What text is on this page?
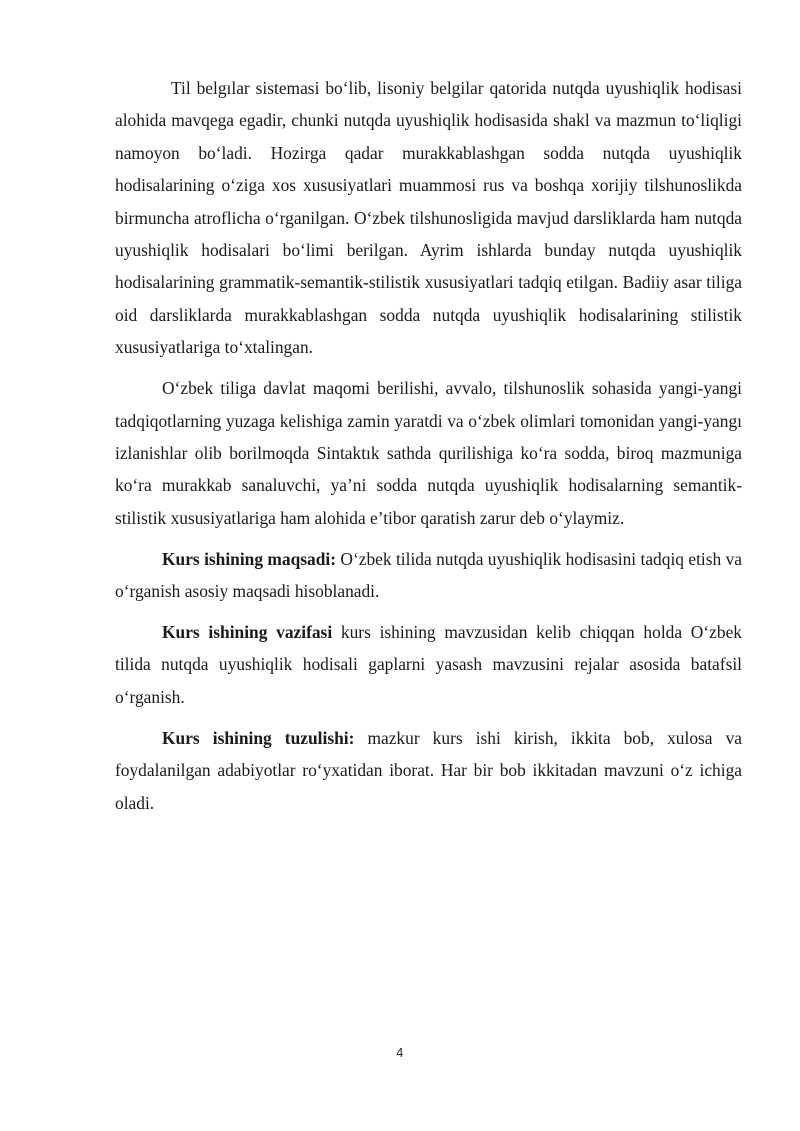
Til belgılar sistemasi bo‘lib, lisoniy belgilar qatorida nutqda uyushiqlik hodisasi alohida mavqega egadir, chunki nutqda uyushiqlik hodisasida shakl va mazmun to‘liqligi namoyon bo‘ladi. Hozirga qadar murakkablashgan sodda nutqda uyushiqlik hodisalarining o‘ziga xos xususiyatlari muammosi rus va boshqa xorijiy tilshunoslikda birmuncha atroflicha o‘rganilgan. O‘zbek tilshunosligida mavjud darsliklarda ham nutqda uyushiqlik hodisalari bo‘limi berilgan. Ayrim ishlarda bunday nutqda uyushiqlik hodisalarining grammatik-semantik-stilistik xususiyatlari tadqiq etilgan. Badiiy asar tiliga oid darsliklarda murakkablashgan sodda nutqda uyushiqlik hodisalarining stilistik xususiyatlariga to‘xtalingan.

O‘zbek tiliga davlat maqomi berilishi, avvalo, tilshunoslik sohasida yangi-yangi tadqiqotlarning yuzaga kelishiga zamin yaratdi va o‘zbek olimlari tomonidan yangi-yangı izlanishlar olib borilmoqda Sintaktık sathda qurilishiga ko‘ra sodda, biroq mazmuniga ko‘ra murakkab sanaluvchi, ya’ni sodda nutqda uyushiqlik hodisalarning semantik-stilistik xususiyatlariga ham alohida e’tibor qaratish zarur deb o‘ylaymiz.

Kurs ishining maqsadi: O‘zbek tilida nutqda uyushiqlik hodisasini tadqiq etish va o‘rganish asosiy maqsadi hisoblanadi.

Kurs ishining vazifasi kurs ishining mavzusidan kelib chiqqan holda O‘zbek tilida nutqda uyushiqlik hodisali gaplarni yasash mavzusini rejalar asosida batafsil o‘rganish.

Kurs ishining tuzulishi: mazkur kurs ishi kirish, ikkita bob, xulosa va foydalanilgan adabiyotlar ro‘yxatidan iborat. Har bir bob ikkitadan mavzuni o‘z ichiga oladi.

4
